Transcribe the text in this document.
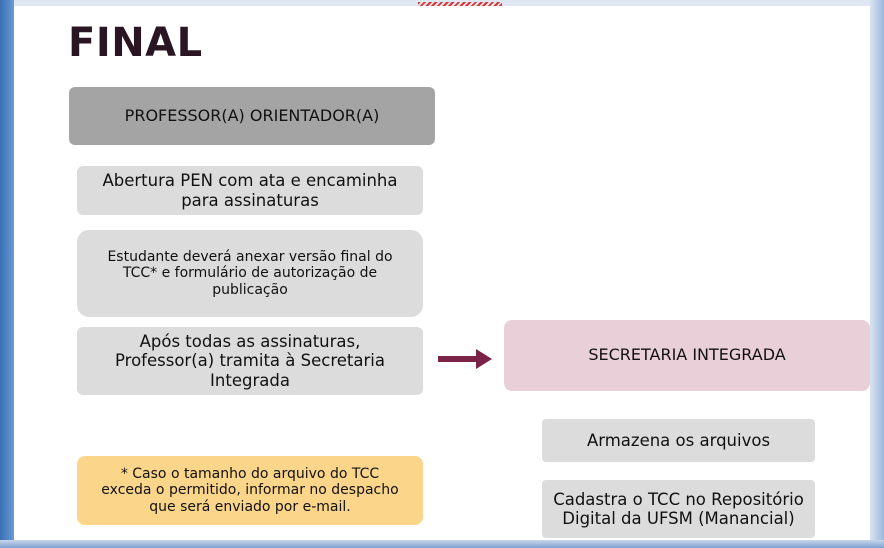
FINAL
PROFESSOR(A) ORIENTADOR(A)
Abertura PEN com ata e encaminha
para assinaturas
Estudante deverá anexar versão final do
TCC* e formulário de autorização de
publicação
Após todas as assinaturas,
Professor(a) tramita à Secretaria
Integrada
* Caso o tamanho do arquivo do TCC
exceda o permitido, informar no despacho
que será enviado por e-mail.
SECRETARIA INTEGRADA
Armazena os arquivos
Cadastra o TCC no Repositório
Digital da UFSM (Manancial)
